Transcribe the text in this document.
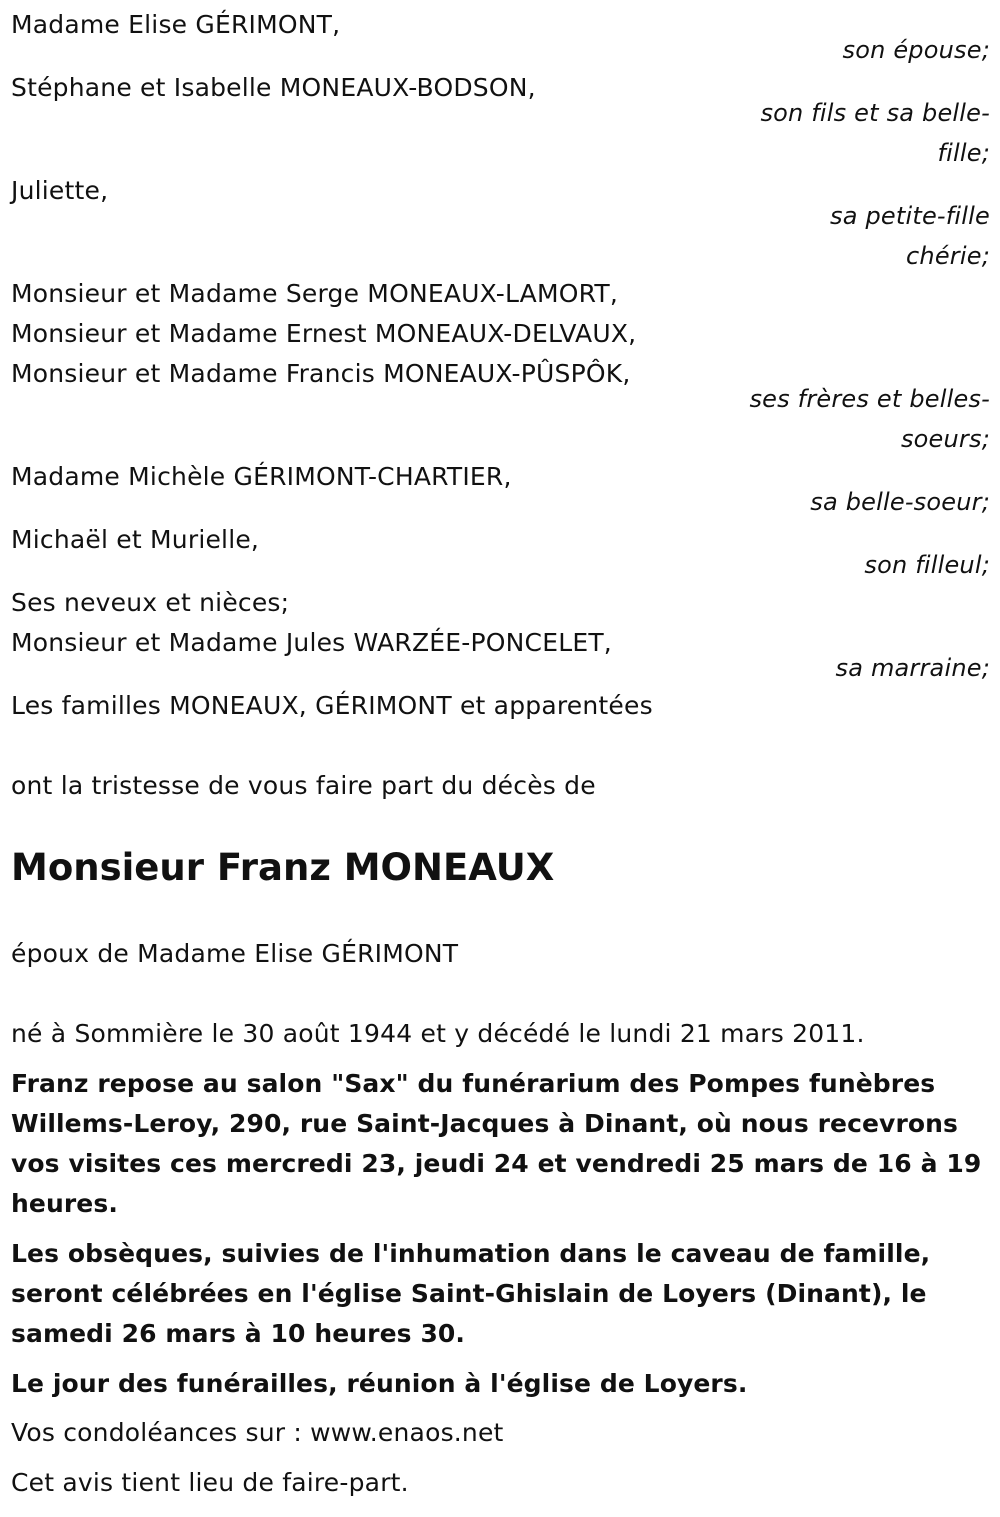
Madame Elise GÉRIMONT,
son épouse;
Stéphane et Isabelle MONEAUX-BODSON,
son fils et sa belle-
fille;
Juliette,
sa petite-fille
chérie;
Monsieur et Madame Serge MONEAUX-LAMORT,
Monsieur et Madame Ernest MONEAUX-DELVAUX,
Monsieur et Madame Francis MONEAUX-PÛSPÔK,
ses frères et belles-
soeurs;
Madame Michèle GÉRIMONT-CHARTIER,
sa belle-soeur;
Michaël et Murielle,
son filleul;
Ses neveux et nièces;
Monsieur et Madame Jules WARZÉE-PONCELET,
sa marraine;
Les familles MONEAUX, GÉRIMONT et apparentées
ont la tristesse de vous faire part du décès de
Monsieur Franz MONEAUX
époux de Madame Elise GÉRIMONT
né à Sommière le 30 août 1944 et y décédé le lundi 21 mars 2011.
Franz repose au salon "Sax" du funérarium des Pompes funèbres Willems-Leroy, 290, rue Saint-Jacques à Dinant, où nous recevrons vos visites ces mercredi 23, jeudi 24 et vendredi 25 mars de 16 à 19 heures.
Les obsèques, suivies de l'inhumation dans le caveau de famille, seront célébrées en l'église Saint-Ghislain de Loyers (Dinant), le samedi 26 mars à 10 heures 30.
Le jour des funérailles, réunion à l'église de Loyers.
Vos condoléances sur : www.enaos.net
Cet avis tient lieu de faire-part.
